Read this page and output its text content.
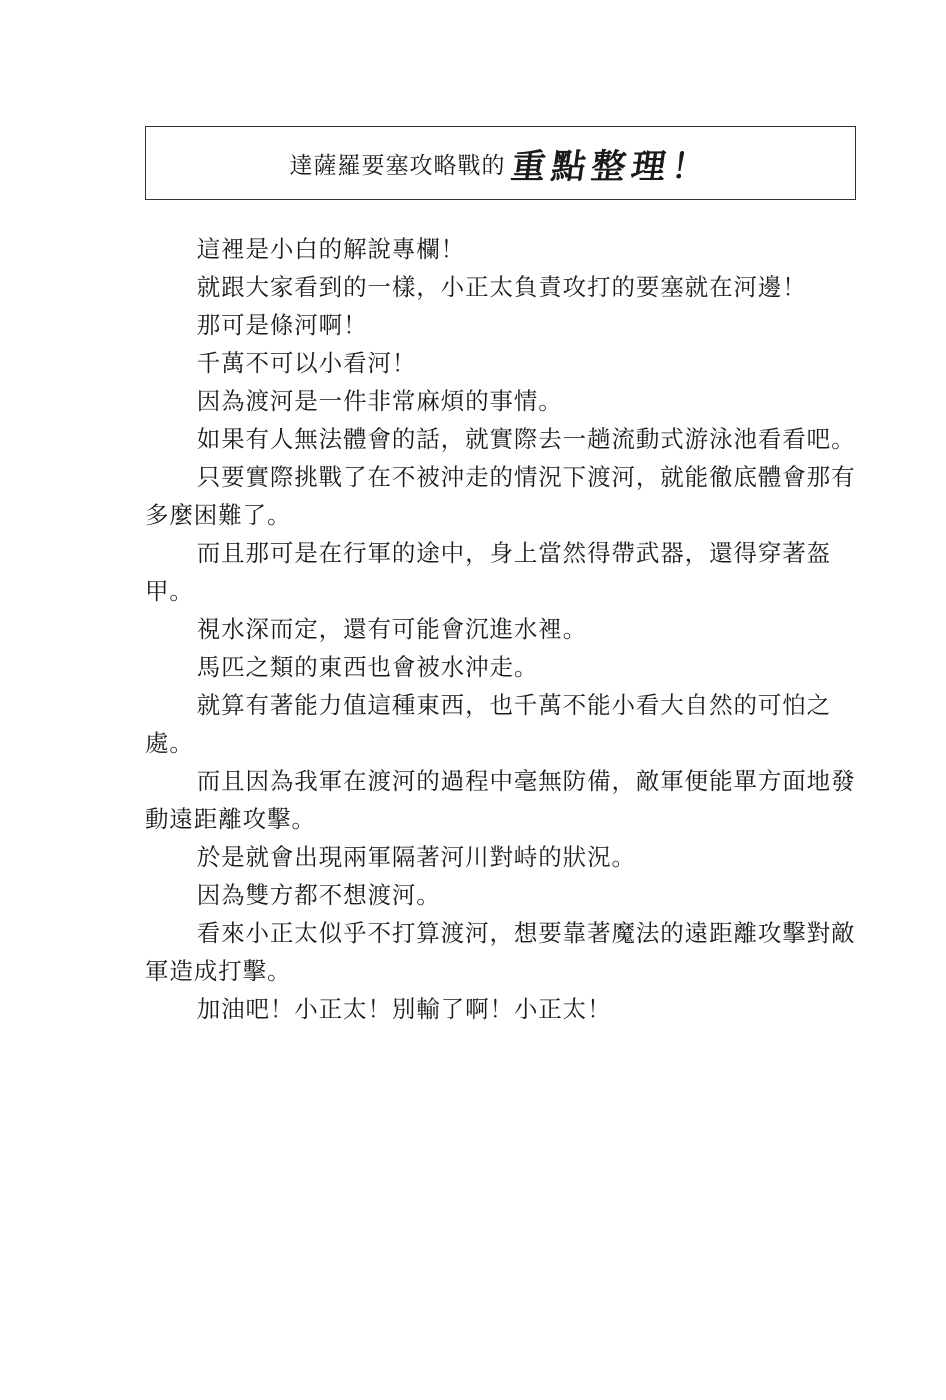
達薩羅要塞攻略戰的 重點整理！

這裡是小白的解說專欄！

就跟大家看到的一樣，小正太負責攻打的要塞就在河邊！

那可是條河啊！

千萬不可以小看河！

因為渡河是一件非常麻煩的事情。

如果有人無法體會的話，就實際去一趟流動式游泳池看看吧。

只要實際挑戰了在不被沖走的情況下渡河，就能徹底體會那有多麼困難了。

而且那可是在行軍的途中，身上當然得帶武器，還得穿著盔甲。

視水深而定，還有可能會沉進水裡。

馬匹之類的東西也會被水沖走。

就算有著能力值這種東西，也千萬不能小看大自然的可怕之處。

而且因為我軍在渡河的過程中毫無防備，敵軍便能單方面地發動遠距離攻擊。

於是就會出現兩軍隔著河川對峙的狀況。

因為雙方都不想渡河。

看來小正太似乎不打算渡河，想要靠著魔法的遠距離攻擊對敵軍造成打擊。

加油吧！小正太！別輸了啊！小正太！
